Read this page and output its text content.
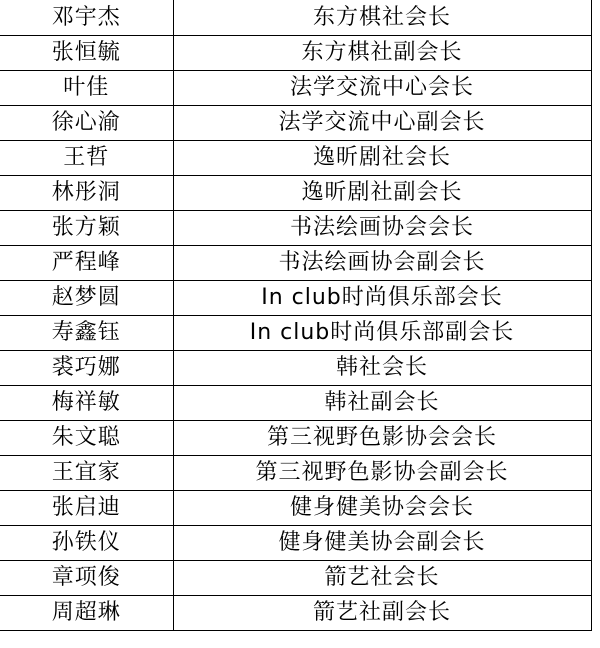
邓宇杰	东方棋社会长
张恒毓	东方棋社副会长
叶佳	法学交流中心会长
徐心渝	法学交流中心副会长
王哲	逸昕剧社会长
林彤洞	逸昕剧社副会长
张方颖	书法绘画协会会长
严程峰	书法绘画协会副会长
赵梦圆	In club时尚俱乐部会长
寿鑫钰	In club时尚俱乐部副会长
裘巧娜	韩社会长
梅祥敏	韩社副会长
朱文聪	第三视野色影协会会长
王宜家	第三视野色影协会副会长
张启迪	健身健美协会会长
孙铁仪	健身健美协会副会长
章项俊	箭艺社会长
周超琳	箭艺社副会长
